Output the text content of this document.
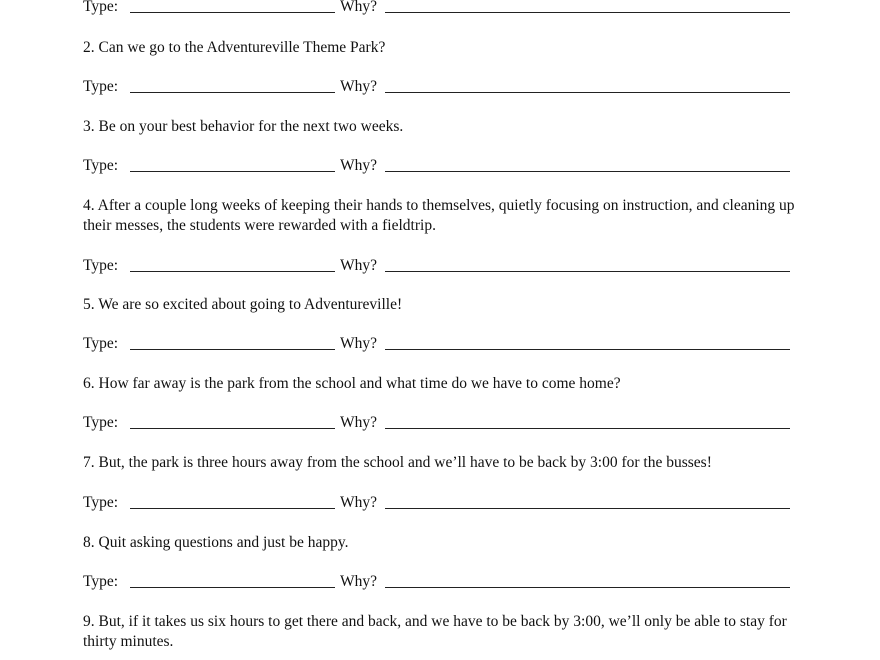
Type:	Why?
Type:	Why?
Type:	Why?
Type:	Why?
Type:	Why?
Type:	Why?
Type:	Why?
Type:	Why?
2. Can we go to the Adventureville Theme Park?
3. Be on your best behavior for the next two weeks.
4. After a couple long weeks of keeping their hands to themselves, quietly focusing on instruction, and cleaning up their messes, the students were rewarded with a fieldtrip.
5. We are so excited about going to Adventureville!
6. How far away is the park from the school and what time do we have to come home?
7. But, the park is three hours away from the school and we’ll have to be back by 3:00 for the busses!
8. Quit asking questions and just be happy.
9. But, if it takes us six hours to get there and back, and we have to be back by 3:00, we’ll only be able to stay for thirty minutes.
